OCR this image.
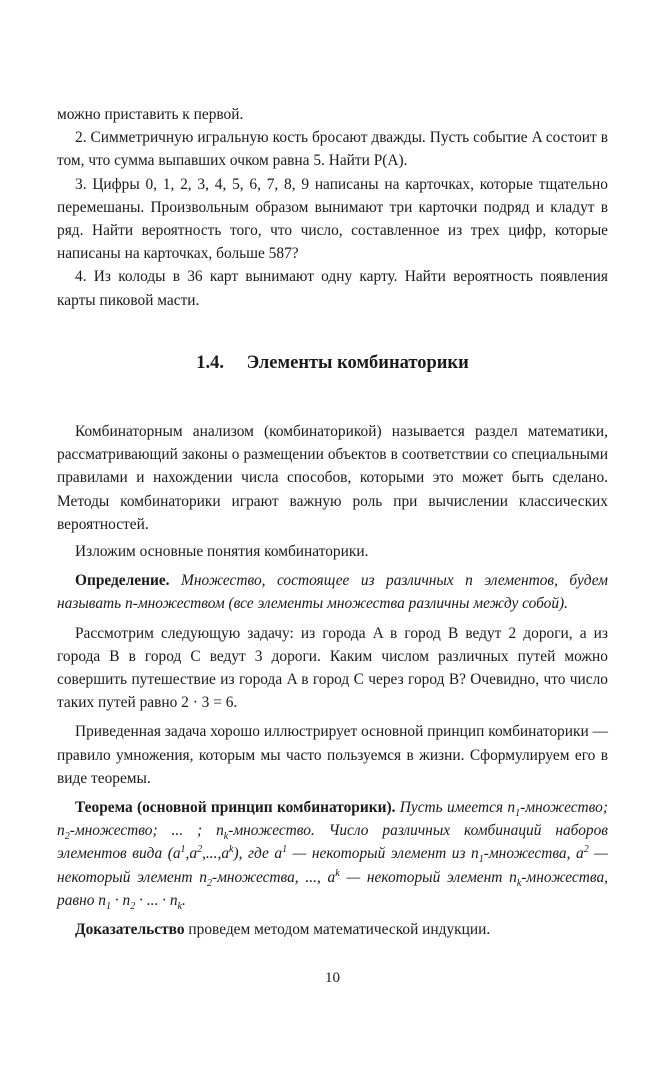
можно приставить к первой.

2. Симметричную игральную кость бросают дважды. Пусть событие A состоит в том, что сумма выпавших очком равна 5. Найти P(A).

3. Цифры 0, 1, 2, 3, 4, 5, 6, 7, 8, 9 написаны на карточках, которые тщательно перемешаны. Произвольным образом вынимают три карточки подряд и кладут в ряд. Найти вероятность того, что число, составленное из трех цифр, которые написаны на карточках, больше 587?

4. Из колоды в 36 карт вынимают одну карту. Найти вероятность появления карты пиковой масти.

1.4. Элементы комбинаторики

Комбинаторным анализом (комбинаторикой) называется раздел математики, рассматривающий законы о размещении объектов в соответствии со специальными правилами и нахождении числа способов, которыми это может быть сделано. Методы комбинаторики играют важную роль при вычислении классических вероятностей.

Изложим основные понятия комбинаторики.

Определение. Множество, состоящее из различных n элементов, будем называть n-множеством (все элементы множества различны между собой).

Рассмотрим следующую задачу: из города A в город B ведут 2 дороги, а из города B в город C ведут 3 дороги. Каким числом различных путей можно совершить путешествие из города A в город C через город B? Очевидно, что число таких путей равно 2 · 3 = 6.

Приведенная задача хорошо иллюстрирует основной принцип комбинаторики — правило умножения, которым мы часто пользуемся в жизни. Сформулируем его в виде теоремы.

Теорема (основной принцип комбинаторики). Пусть имеется $n_1$-множество; $n_2$-множество; ... ; $n_k$-множество. Число различных комбинаций наборов элементов вида $(a^1,a^2,...,a^k)$, где $a^1$ — некоторый элемент из $n_1$-множества, $a^2$ — некоторый элемент $n_2$-множества, ..., $a^k$ — некоторый элемент $n_k$-множества, равно $n_1 \cdot n_2$ · ... · $n_k$.

Доказательство проведем методом математической индукции.

10
